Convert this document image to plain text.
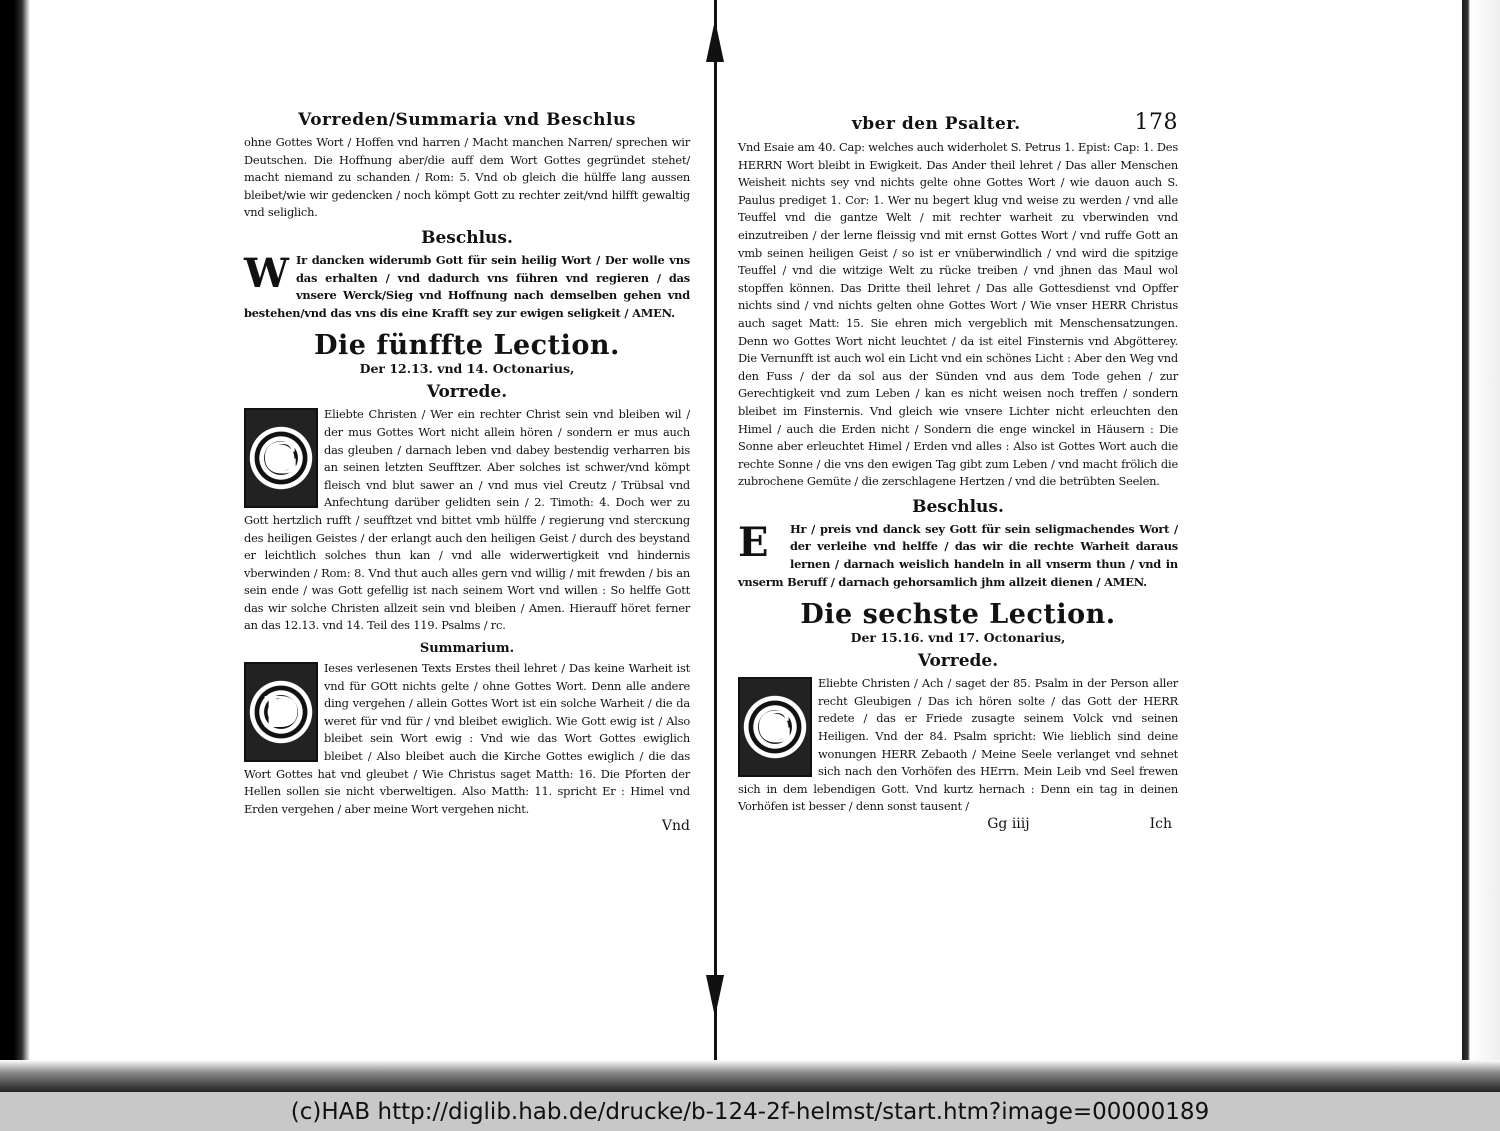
Vorreden/Summaria vnd Beschlus

ohne Gottes Wort / Hoffen vnd harren / Macht manchen Narren/ sprechen wir Deutschen. Die Hoffnung aber/die auff dem Wort Gottes gegründet stehet/ macht niemand zu schanden / Rom: 5. Vnd ob gleich die hülffe lang aussen bleibet/wie wir gedencken / noch kömpt Gott zu rechter zeit/vnd hilfft gewaltig vnd seliglich.

Beschlus.
W Ir dancken widerumb Gott für sein heilig Wort / Der wolle vns das erhalten / vnd dadurch vns führen vnd regieren / das vnsere Werck/Sieg vnd Hoffnung nach demselben gehen vnd bestehen/vnd das vns dis eine Krafft sey zur ewigen seligkeit / AMEN.

Die fünffte Lection.
Der 12.13. vnd 14. Octonarius,
Vorrede.
G

Eliebte Christen / Wer ein rechter Christ sein vnd bleiben wil / der mus Gottes Wort nicht allein hören / sondern er mus auch das gleuben / darnach leben vnd dabey bestendig verharren bis an seinen letzten Seufftzer. Aber solches ist schwer/vnd kömpt fleisch vnd blut sawer an / vnd mus viel Creutz / Trübsal vnd Anfechtung darüber gelidten sein / 2. Timoth: 4. Doch wer zu Gott hertzlich rufft / seufftzet vnd bittet vmb hülffe / regierung vnd stercкung des heiligen Geistes / der erlangt auch den heiligen Geist / durch des beystand er leichtlich solches thun kan / vnd alle widerwertigkeit vnd hindernis vberwinden / Rom: 8. Vnd thut auch alles gern vnd willig / mit frewden / bis an sein ende / was Gott gefellig ist nach seinem Wort vnd willen : So helffe Gott das wir solche Christen allzeit sein vnd bleiben / Amen. Hierauff höret ferner an das 12.13. vnd 14. Teil des 119. Psalms / rc.

Summarium.
D

Ieses verlesenen Texts Erstes theil lehret / Das keine Warheit ist vnd für GOtt nichts gelte / ohne Gottes Wort. Denn alle andere ding vergehen / allein Gottes Wort ist ein solche Warheit / die da weret für vnd für / vnd bleibet ewiglich. Wie Gott ewig ist / Also bleibet sein Wort ewig : Vnd wie das Wort Gottes ewiglich bleibet / Also bleibet auch die Kirche Gottes ewiglich / die das Wort Gottes hat vnd gleubet / Wie Christus saget Matth: 16. Die Pforten der Hellen sollen sie nicht vberweltigen. Also Matth: 11. spricht Er : Himel vnd Erden vergehen / aber meine Wort vergehen nicht.

Vnd
vber den Psalter.	178

Vnd Esaie am 40. Cap: welches auch widerholet S. Petrus 1. Epist: Cap: 1. Des HERRN Wort bleibt in Ewigkeit. Das Ander theil lehret / Das aller Menschen Weisheit nichts sey vnd nichts gelte ohne Gottes Wort / wie dauon auch S. Paulus prediget 1. Cor: 1. Wer nu begert klug vnd weise zu werden / vnd alle Teuffel vnd die gantze Welt / mit rechter warheit zu vberwinden vnd einzutreiben / der lerne fleissig vnd mit ernst Gottes Wort / vnd ruffe Gott an vmb seinen heiligen Geist / so ist er vnüberwindlich / vnd wird die spitzige Teuffel / vnd die witzige Welt zu rücke treiben / vnd jhnen das Maul wol stopffen können. Das Dritte theil lehret / Das alle Gottesdienst vnd Opffer nichts sind / vnd nichts gelten ohne Gottes Wort / Wie vnser HERR Christus auch saget Matt: 15. Sie ehren mich vergeblich mit Menschensatzungen. Denn wo Gottes Wort nicht leuchtet / da ist eitel Finsternis vnd Abgötterey. Die Vernunfft ist auch wol ein Licht vnd ein schönes Licht : Aber den Weg vnd den Fuss / der da sol aus der Sünden vnd aus dem Tode gehen / zur Gerechtigkeit vnd zum Leben / kan es nicht weisen noch treffen / sondern bleibet im Finsternis. Vnd gleich wie vnsere Lichter nicht erleuchten den Himel / auch die Erden nicht / Sondern die enge winckel in Häusern : Die Sonne aber erleuchtet Himel / Erden vnd alles : Also ist Gottes Wort auch die rechte Sonne / die vns den ewigen Tag gibt zum Leben / vnd macht frölich die zubrochene Gemüte / die zerschlagene Hertzen / vnd die betrübten Seelen.

Beschlus.
E	Hr / preis vnd danck sey Gott für sein seligmachendes Wort / der verleihe vnd helffe / das wir die rechte Warheit daraus lernen / darnach weislich handeln in all vnserm thun / vnd in vnserm Beruff / darnach gehorsamlich jhm allzeit dienen / AMEN.

Die sechste Lection.
Der 15.16. vnd 17. Octonarius,
Vorrede.
G

Eliebte Christen / Ach / saget der 85. Psalm in der Person aller recht Gleubigen / Das ich hören solte / das Gott der HERR redete / das er Friede zusagte seinem Volck vnd seinen Heiligen. Vnd der 84. Psalm spricht: Wie lieblich sind deine wonungen HERR Zebaoth / Meine Seele verlanget vnd sehnet sich nach den Vorhöfen des HErrn. Mein Leib vnd Seel frewen sich in dem lebendigen Gott. Vnd kurtz hernach : Denn ein tag in deinen Vorhöfen ist besser / denn sonst tausent /

Gg iiij	Ich
(c)HAB http://diglib.hab.de/drucke/b-124-2f-helmst/start.htm?image=00000189
